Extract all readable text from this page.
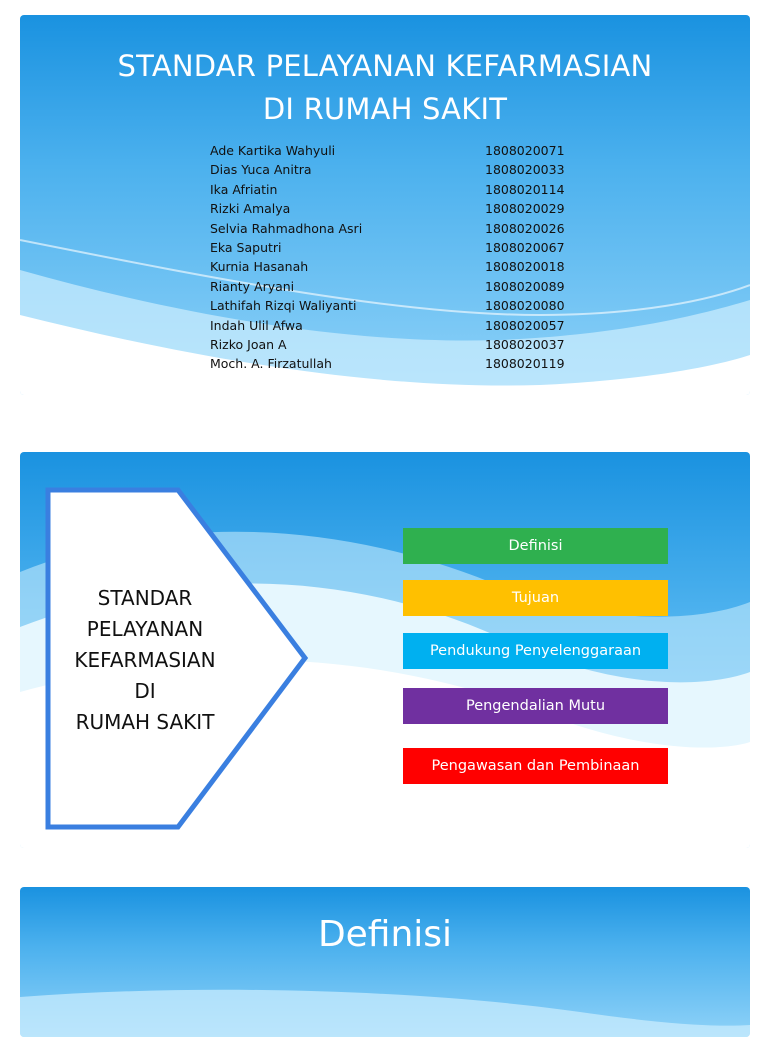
STANDAR PELAYANAN KEFARMASIAN
DI RUMAH SAKIT
Ade Kartika Wahyuli	1808020071
Dias Yuca Anitra	1808020033
Ika Afriatin	1808020114
Rizki Amalya	1808020029
Selvia Rahmadhona Asri	1808020026
Eka Saputri	1808020067
Kurnia Hasanah	1808020018
Rianty Aryani	1808020089
Lathifah Rizqi Waliyanti	1808020080
Indah Ulil Afwa	1808020057
Rizko Joan A	1808020037
Moch. A. Firzatullah	1808020119
STANDAR
PELAYANAN
KEFARMASIAN
DI
RUMAH SAKIT
Definisi
Tujuan
Pendukung Penyelenggaraan
Pengendalian Mutu
Pengawasan dan Pembinaan
Definisi
